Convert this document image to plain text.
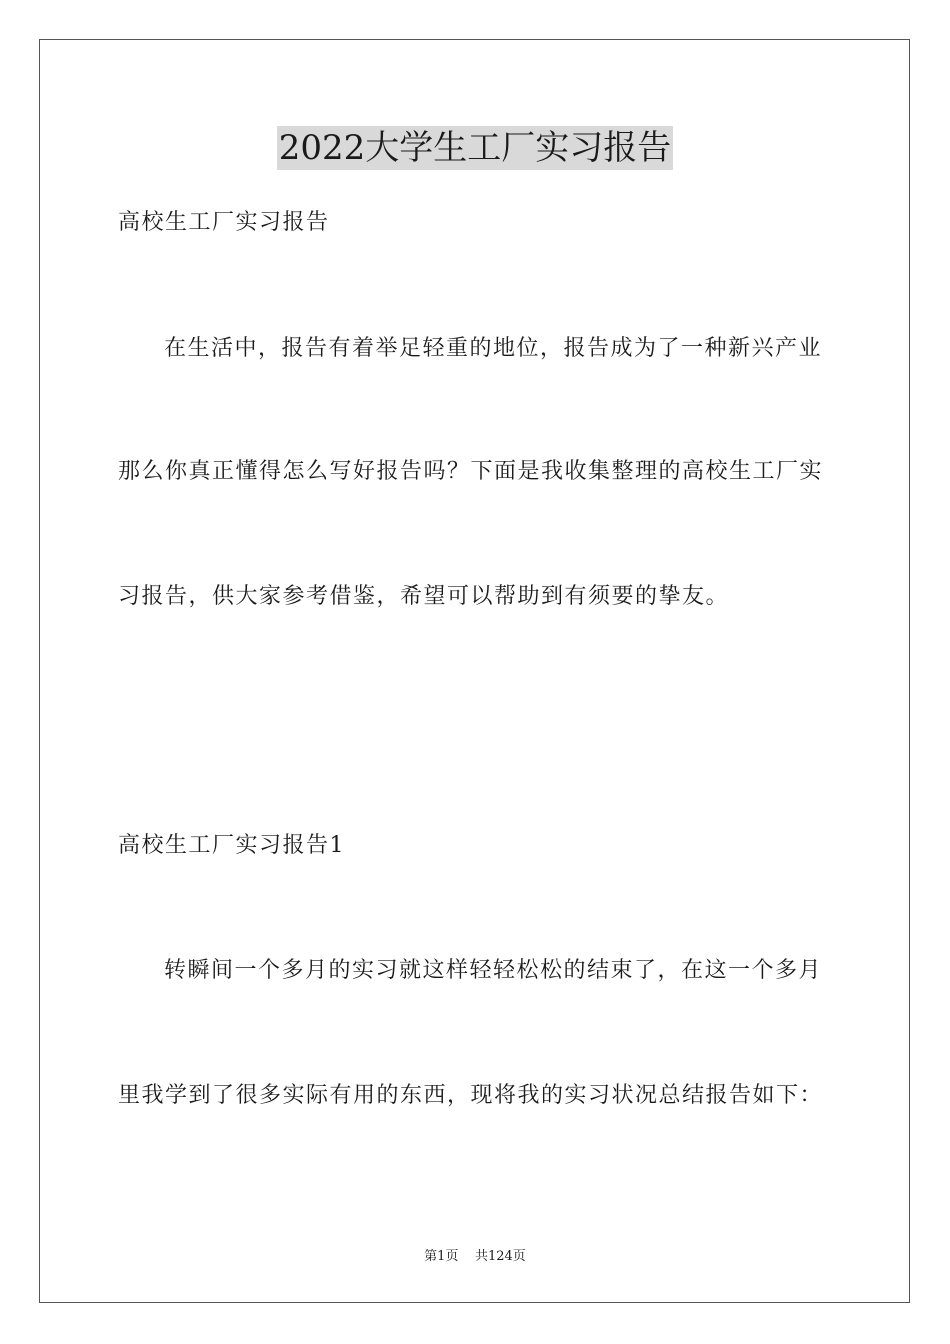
2022大学生工厂实习报告
高校生工厂实习报告
在生活中，报告有着举足轻重的地位，报告成为了一种新兴产业
那么你真正懂得怎么写好报告吗？下面是我收集整理的高校生工厂实
习报告，供大家参考借鉴，希望可以帮助到有须要的挚友。
高校生工厂实习报告1
转瞬间一个多月的实习就这样轻轻松松的结束了，在这一个多月
里我学到了很多实际有用的东西，现将我的实习状况总结报告如下：
第1页 共124页
